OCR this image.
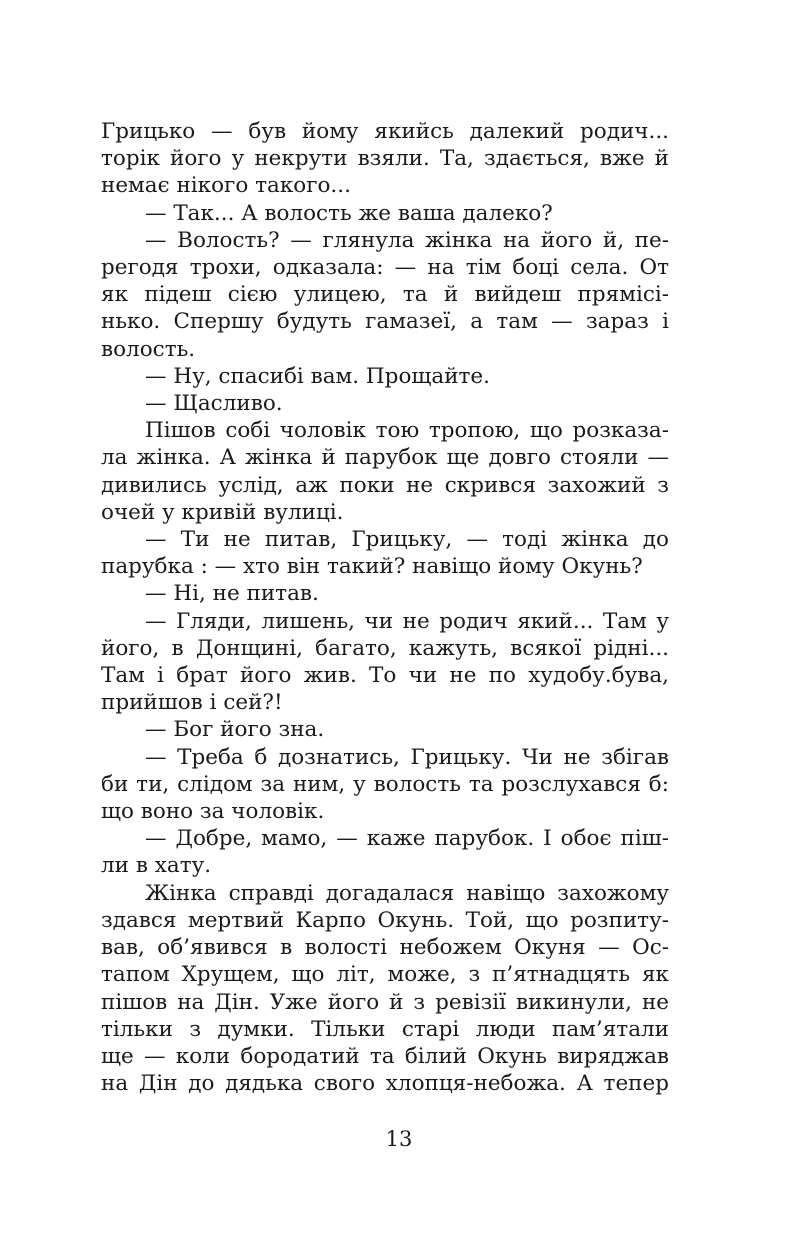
Грицько — був йому якийсь далекий родич...

торік його у некрути взяли. Та, здається, вже й

немає нікого такого...

— Так... А волость же ваша далеко?

— Волость? — глянула жінка на його й, пе-

регодя трохи, одказала: — на тім боці села. От

як підеш сією улицею, та й вийдеш прямісі-

нько. Спершу будуть гамазеї, а там — зараз і

волость.

— Ну, спасибі вам. Прощайте.

— Щасливо.

Пішов собі чоловік тою тропою, що розказа-

ла жінка. А жінка й парубок ще довго стояли —

дивились услід, аж поки не скрився захожий з

очей у кривій вулиці.

— Ти не питав, Грицьку, — тоді жінка до

парубка : — хто він такий? навіщо йому Окунь?

— Ні, не питав.

— Гляди, лишень, чи не родич який... Там у

його, в Донщині, багато, кажуть, всякої рідні...

Там і брат його жив. То чи не по худобу.бува,

прийшов і сей?!

— Бог його зна.

— Треба б дознатись, Грицьку. Чи не збігав

би ти, слідом за ним, у волость та розслухався б:

що воно за чоловік.

— Добре, мамо, — каже парубок. І обоє піш-

ли в хату.

Жінка справді догадалася навіщо захожому

здався мертвий Карпо Окунь. Той, що розпиту-

вав, об’явився в волості небожем Окуня — Ос-

тапом Хрущем, що літ, може, з п’ятнадцять як

пішов на Дін. Уже його й з ревізії викинули, не

тільки з думки. Тільки старі люди пам’ятали

ще — коли бородатий та білий Окунь виряджав

на Дін до дядька свого хлопця-небожа. А тепер

13
